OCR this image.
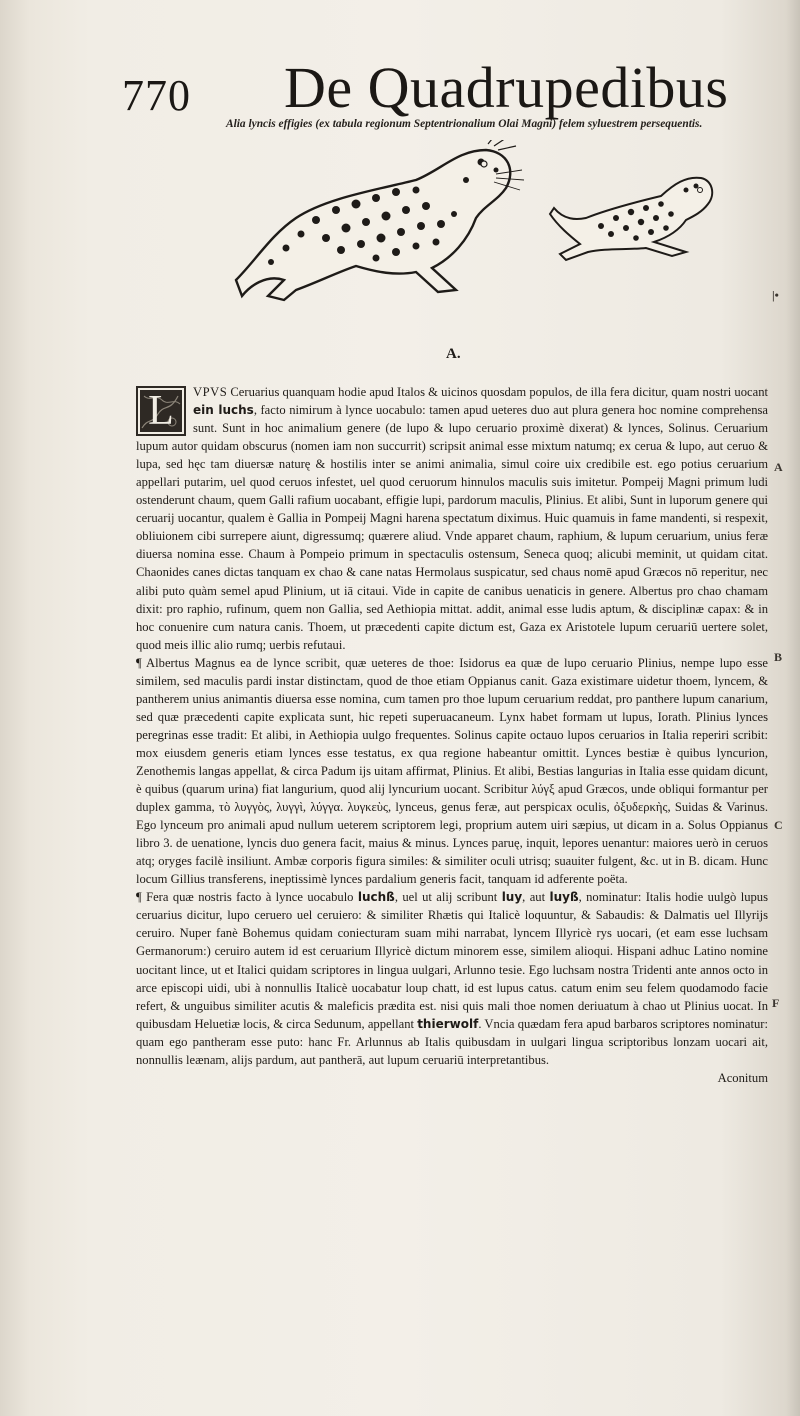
770 De Quadrupedibus
Alia lyncis effigies (ex tabula regionum Septentrionalium Olai Magni) felem syluestrem persequentis.
|•
A.
A
B
C
F

L	VPVS Ceruarius quanquam hodie apud Italos & uicinos quosdam populos, de illa fera dicitur, quam nostri uocant ein luchs, facto nimirum à lynce uocabulo: tamen apud ueteres duo aut plura genera hoc nomine comprehensa sunt. Sunt in hoc animalium genere (de lupo & lupo ceruario proximè dixerat) & lynces, Solinus. Ceruarium lupum autor quidam obscurus (nomen iam non succurrit) scripsit animal esse mixtum natumq; ex cerua & lupo, aut ceruo & lupa, sed hęc tam diuersæ naturę & hostilis inter se animi animalia, simul coire uix credibile est. ego potius ceruarium appellari putarim, uel quod ceruos infestet, uel quod ceruorum hinnulos maculis suis imitetur. Pompeij Magni primum ludi ostenderunt chaum, quem Galli rafium uocabant, effigie lupi, pardorum maculis, Plinius. Et alibi, Sunt in luporum genere qui ceruarij uocantur, qualem è Gallia in Pompeij Magni harena spectatum diximus. Huic quamuis in fame mandenti, si respexit, obliuionem cibi surrepere aiunt, digressumq; quærere aliud. Vnde apparet chaum, raphium, & lupum ceruarium, unius feræ diuersa nomina esse. Chaum à Pompeio primum in spectaculis ostensum, Seneca quoq; alicubi meminit, ut quidam citat. Chaonides canes dictas tanquam ex chao & cane natas Hermolaus suspicatur, sed chaus nomē apud Græcos nō reperitur, nec alibi puto quàm semel apud Plinium, ut iā citaui. Vide in capite de canibus uenaticis in genere. Albertus pro chao chamam dixit: pro raphio, rufinum, quem non Gallia, sed Aethiopia mittat. addit, animal esse ludis aptum, & disciplinæ capax: & in hoc conuenire cum natura canis. Thoem, ut præcedenti capite dictum est, Gaza ex Aristotele lupum ceruariū uertere solet, quod meis illic alio rumq; uerbis refutaui.

¶ Albertus Magnus ea de lynce scribit, quæ ueteres de thoe: Isidorus ea quæ de lupo ceruario Plinius, nempe lupo esse similem, sed maculis pardi instar distinctam, quod de thoe etiam Oppianus canit. Gaza existimare uidetur thoem, lyncem, & pantherem unius animantis diuersa esse nomina, cum tamen pro thoe lupum ceruarium reddat, pro panthere lupum canarium, sed quæ præcedenti capite explicata sunt, hic repeti superuacaneum. Lynx habet formam ut lupus, Iorath. Plinius lynces peregrinas esse tradit: Et alibi, in Aethiopia uulgo frequentes. Solinus capite octauo lupos ceruarios in Italia reperiri scribit: mox eiusdem generis etiam lynces esse testatus, ex qua regione habeantur omittit. Lynces bestiæ è quibus lyncurion, Zenothemis langas appellat, & circa Padum ijs uitam affirmat, Plinius. Et alibi, Bestias langurias in Italia esse quidam dicunt, è quibus (quarum urina) fiat langurium, quod alij lyncurium uocant. Scribitur λύγξ apud Græcos, unde obliqui formantur per duplex gamma, τὸ λυγγὸς, λυγγὶ, λύγγα. λυγκεὺς, lynceus, genus feræ, aut perspicax oculis, ὀξυδερκὴς, Suidas & Varinus. Ego lynceum pro animali apud nullum ueterem scriptorem legi, proprium autem uiri sæpius, ut dicam in a. Solus Oppianus libro 3. de uenatione, lyncis duo genera facit, maius & minus. Lynces paruę, inquit, lepores uenantur: maiores uerò in ceruos atq; oryges facilè insiliunt. Ambæ corporis figura similes: & similiter oculi utrisq; suauiter fulgent, &c. ut in B. dicam. Hunc locum Gillius transferens, ineptissimè lynces pardalium generis facit, tanquam id adferente poëta.

¶ Fera quæ nostris facto à lynce uocabulo luchß, uel ut alij scribunt luy, aut luyß, nominatur: Italis hodie uulgò lupus ceruarius dicitur, lupo ceruero uel ceruiero: & similiter Rhætis qui Italicè loquuntur, & Sabaudis: & Dalmatis uel Illyrijs ceruiro. Nuper fanè Bohemus quidam coniecturam suam mihi narrabat, lyncem Illyricè rys uocari, (et eam esse luchsam Germanorum:) ceruiro autem id est ceruarium Illyricè dictum minorem esse, similem alioqui. Hispani adhuc Latino nomine uocitant lince, ut et Italici quidam scriptores in lingua uulgari, Arlunno tesie. Ego luchsam nostra Tridenti ante annos octo in arce episcopi uidi, ubi à nonnullis Italicè uocabatur loup chatt, id est lupus catus. catum enim seu felem quodamodo facie refert, & unguibus similiter acutis & maleficis prædita est. nisi quis mali thoe nomen deriuatum à chao ut Plinius uocat. In quibusdam Heluetiæ locis, & circa Sedunum, appellant thierwolf. Vncia quædam fera apud barbaros scriptores nominatur: quam ego pantheram esse puto: hanc Fr. Arlunnus ab Italis quibusdam in uulgari lingua scriptoribus lonzam uocari ait, nonnullis leænam, alijs pardum, aut pantherā, aut lupum ceruariū interpretantibus.

Aconitum
